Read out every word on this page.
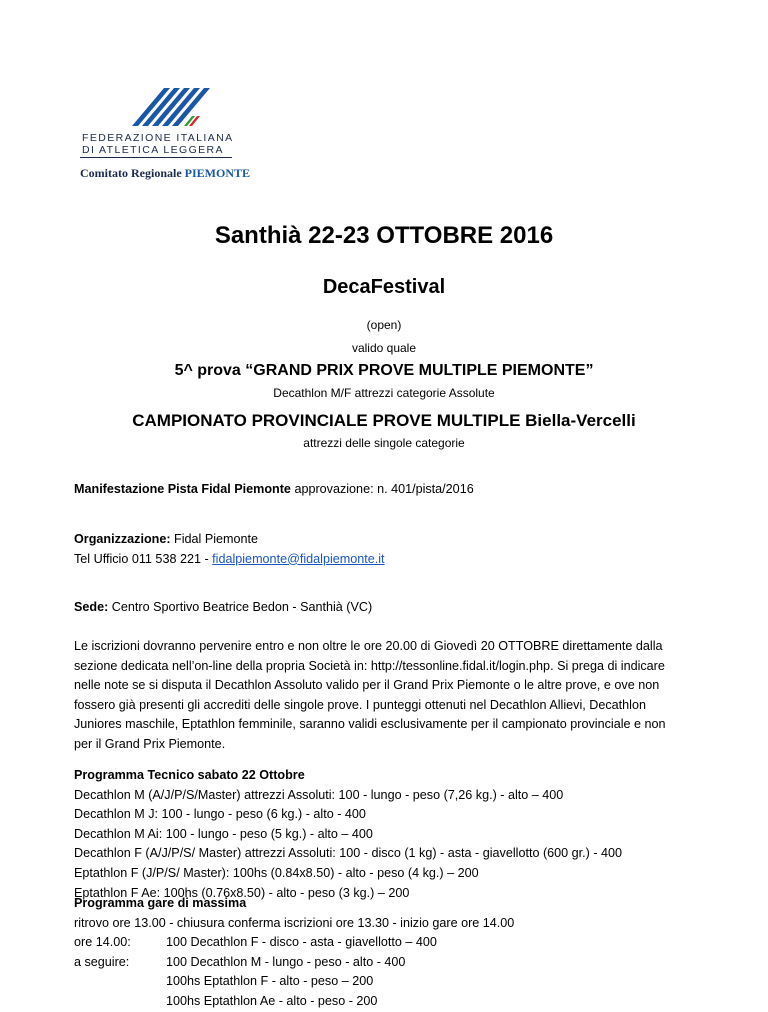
FEDERAZIONE ITALIANA
DI ATLETICA LEGGERA
Comitato Regionale PIEMONTE
Santhià 22-23 OTTOBRE 2016
DecaFestival
(open)
valido quale
5^ prova “GRAND PRIX PROVE MULTIPLE PIEMONTE”
Decathlon M/F attrezzi categorie Assolute
CAMPIONATO PROVINCIALE PROVE MULTIPLE Biella-Vercelli
attrezzi delle singole categorie

Manifestazione Pista Fidal Piemonte approvazione: n. 401/pista/2016

Organizzazione: Fidal Piemonte

Tel Ufficio 011 538 221 - fidalpiemonte@fidalpiemonte.it

Sede: Centro Sportivo Beatrice Bedon - Santhià (VC)

Le iscrizioni dovranno pervenire entro e non oltre le ore 20.00 di Giovedì 20 OTTOBRE direttamente dalla

sezione dedicata nell’on-line della propria Società in: http://tessonline.fidal.it/login.php. Si prega di indicare

nelle note se si disputa il Decathlon Assoluto valido per il Grand Prix Piemonte o le altre prove, e ove non

fossero già presenti gli accrediti delle singole prove. I punteggi ottenuti nel Decathlon Allievi, Decathlon

Juniores maschile, Eptathlon femminile, saranno validi esclusivamente per il campionato provinciale e non

per il Grand Prix Piemonte.

Programma Tecnico sabato 22 Ottobre

Decathlon M (A/J/P/S/Master) attrezzi Assoluti: 100 - lungo - peso (7,26 kg.) - alto – 400

Decathlon M J: 100 - lungo - peso (6 kg.) - alto - 400

Decathlon M Ai: 100 - lungo - peso (5 kg.) - alto – 400

Decathlon F (A/J/P/S/ Master) attrezzi Assoluti: 100 - disco (1 kg) - asta - giavellotto (600 gr.) - 400

Eptathlon F (J/P/S/ Master): 100hs (0.84x8.50) - alto - peso (4 kg.) – 200

Eptathlon F Ae: 100hs (0.76x8.50) - alto - peso (3 kg.) – 200

Programma gare di massima

ritrovo ore 13.00 - chiusura conferma iscrizioni ore 13.30 - inizio gare ore 14.00

ore 14.00:	100 Decathlon F - disco - asta - giavellotto – 400
a seguire:	100 Decathlon M - lungo - peso - alto - 400

100hs Eptathlon F - alto - peso – 200

100hs Eptathlon Ae - alto - peso - 200
